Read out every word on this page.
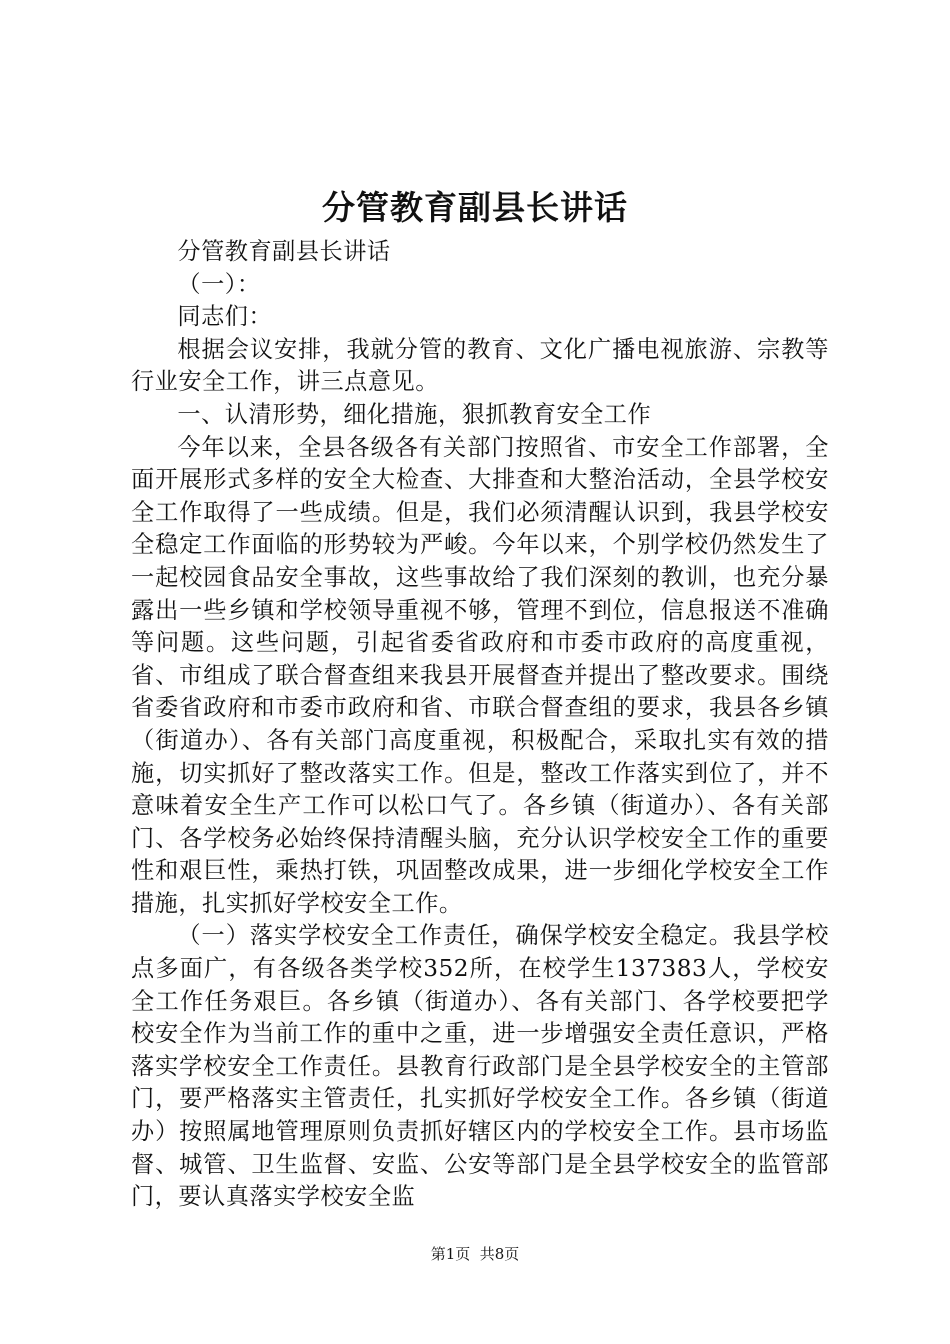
分管教育副县长讲话

分管教育副县长讲话

（一）：

同志们：

根据会议安排，我就分管的教育、文化广播电视旅游、宗教等行业安全工作，讲三点意见。

一、认清形势，细化措施，狠抓教育安全工作

今年以来，全县各级各有关部门按照省、市安全工作部署，全面开展形式多样的安全大检查、大排查和大整治活动，全县学校安全工作取得了一些成绩。但是，我们必须清醒认识到，我县学校安全稳定工作面临的形势较为严峻。今年以来，个别学校仍然发生了一起校园食品安全事故，这些事故给了我们深刻的教训，也充分暴露出一些乡镇和学校领导重视不够，管理不到位，信息报送不准确等问题。这些问题，引起省委省政府和市委市政府的高度重视，省、市组成了联合督查组来我县开展督查并提出了整改要求。围绕省委省政府和市委市政府和省、市联合督查组的要求，我县各乡镇（街道办）、各有关部门高度重视，积极配合，采取扎实有效的措施，切实抓好了整改落实工作。但是，整改工作落实到位了，并不意味着安全生产工作可以松口气了。各乡镇（街道办）、各有关部门、各学校务必始终保持清醒头脑，充分认识学校安全工作的重要性和艰巨性，乘热打铁，巩固整改成果，进一步细化学校安全工作措施，扎实抓好学校安全工作。

（一）落实学校安全工作责任，确保学校安全稳定。我县学校点多面广，有各级各类学校352所，在校学生137383人，学校安全工作任务艰巨。各乡镇（街道办）、各有关部门、各学校要把学校安全作为当前工作的重中之重，进一步增强安全责任意识，严格落实学校安全工作责任。县教育行政部门是全县学校安全的主管部门，要严格落实主管责任，扎实抓好学校安全工作。各乡镇（街道办）按照属地管理原则负责抓好辖区内的学校安全工作。县市场监督、城管、卫生监督、安监、公安等部门是全县学校安全的监管部门，要认真落实学校安全监

第1页  共8页
